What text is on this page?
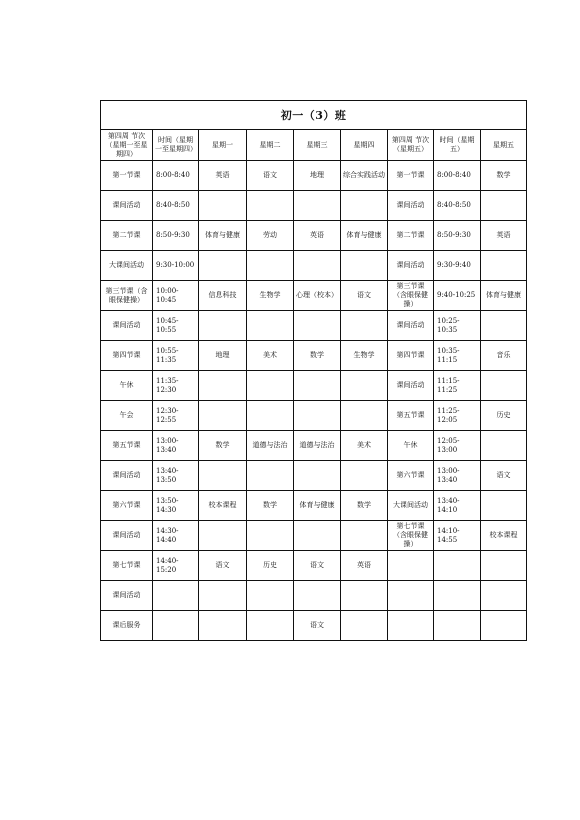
初一（3）班								
第四周 节次（星期一至星期四）	时间（星期一至星期四）	星期一	星期二	星期三	星期四	第四周 节次（星期五）	时间（星期五）	星期五
第一节课	8:00-8:40	英语	语文	地理	综合实践活动	第一节课	8:00-8:40	数学
课间活动	8:40-8:50					课间活动	8:40-8:50	
第二节课	8:50-9:30	体育与健康	劳动	英语	体育与健康	第二节课	8:50-9:30	英语
大课间活动	9:30-10:00					课间活动	9:30-9:40	
第三节课（含眼保健操）	10:00-10:45	信息科技	生物学	心理（校本）	语文	第三节课（含眼保健操）	9:40-10:25	体育与健康
课间活动	10:45-10:55					课间活动	10:25-10:35	
第四节课	10:55-11:35	地理	美术	数学	生物学	第四节课	10:35-11:15	音乐
午休	11:35-12:30					课间活动	11:15-11:25	
午会	12:30-12:55					第五节课	11:25-12:05	历史
第五节课	13:00-13:40	数学	道德与法治	道德与法治	美术	午休	12:05-13:00	
课间活动	13:40-13:50					第六节课	13:00-13:40	语文
第六节课	13:50-14:30	校本课程	数学	体育与健康	数学	大课间活动	13:40-14:10	
课间活动	14:30-14:40					第七节课（含眼保健操）	14:10-14:55	校本课程
第七节课	14:40-15:20	语文	历史	语文	英语			
课间活动								
课后服务				语文				
